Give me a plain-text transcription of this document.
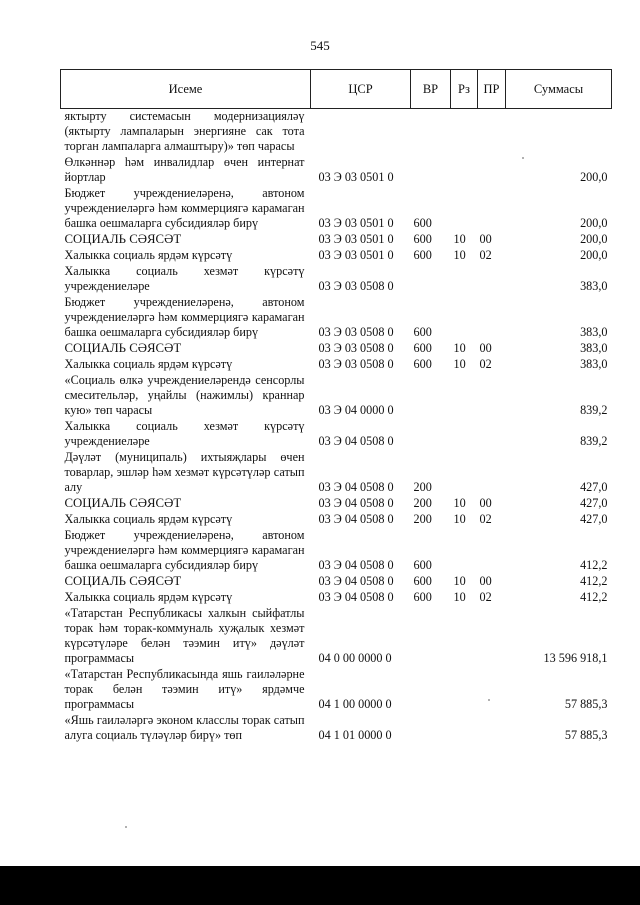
545
Исеме	ЦСР	ВР	Рз	ПР	Суммасы
яктырту системасын модернизацияләү (яктырту лампаларын энергияне сак тота торган лампаларга алмаштыру)» төп чарасы					
Өлкәннәр һәм инвалидлар өчен интернат йортлар	03 Э 03 0501 0				200,0
Бюджет учреждениеләренә, автоном учреждениеләргә һәм коммерциягә карамаган башка оешмаларга субсидияләр бирү	03 Э 03 0501 0	600			200,0
СОЦИАЛЬ СӘЯСӘТ	03 Э 03 0501 0	600	10	00	200,0
Халыкка социаль ярдәм күрсәтү	03 Э 03 0501 0	600	10	02	200,0
Халыкка социаль хезмәт күрсәтү учреждениеләре	03 Э 03 0508 0				383,0
Бюджет учреждениеләренә, автоном учреждениеләргә һәм коммерциягә карамаган башка оешмаларга субсидияләр бирү	03 Э 03 0508 0	600			383,0
СОЦИАЛЬ СӘЯСӘТ	03 Э 03 0508 0	600	10	00	383,0
Халыкка социаль ярдәм күрсәтү	03 Э 03 0508 0	600	10	02	383,0
«Социаль өлкә учреждениеләрендә сенсорлы смесительләр, уңайлы (нажимлы) краннар кую» төп чарасы	03 Э 04 0000 0				839,2
Халыкка социаль хезмәт күрсәтү учреждениеләре	03 Э 04 0508 0				839,2
Дәүләт (муниципаль) ихтыяҗлары өчен товарлар, эшләр һәм хезмәт күрсәтүләр сатып алу	03 Э 04 0508 0	200			427,0
СОЦИАЛЬ СӘЯСӘТ	03 Э 04 0508 0	200	10	00	427,0
Халыкка социаль ярдәм күрсәтү	03 Э 04 0508 0	200	10	02	427,0
Бюджет учреждениеләренә, автоном учреждениеләргә һәм коммерциягә карамаган башка оешмаларга субсидияләр бирү	03 Э 04 0508 0	600			412,2
СОЦИАЛЬ СӘЯСӘТ	03 Э 04 0508 0	600	10	00	412,2
Халыкка социаль ярдәм күрсәтү	03 Э 04 0508 0	600	10	02	412,2
«Татарстан Республикасы халкын сыйфатлы торак һәм торак-коммуналь хуҗалык хезмәт күрсәтүләре белән тәэмин итү» дәүләт программасы	04 0 00 0000 0				13 596 918,1
«Татарстан Республикасында яшь гаиләләрне торак белән тәэмин итү» ярдәмче программасы	04 1 00 0000 0				57 885,3
«Яшь гаиләләргә эконом класслы торак сатып алуга социаль түләүләр бирү» төп	04 1 01 0000 0				57 885,3
